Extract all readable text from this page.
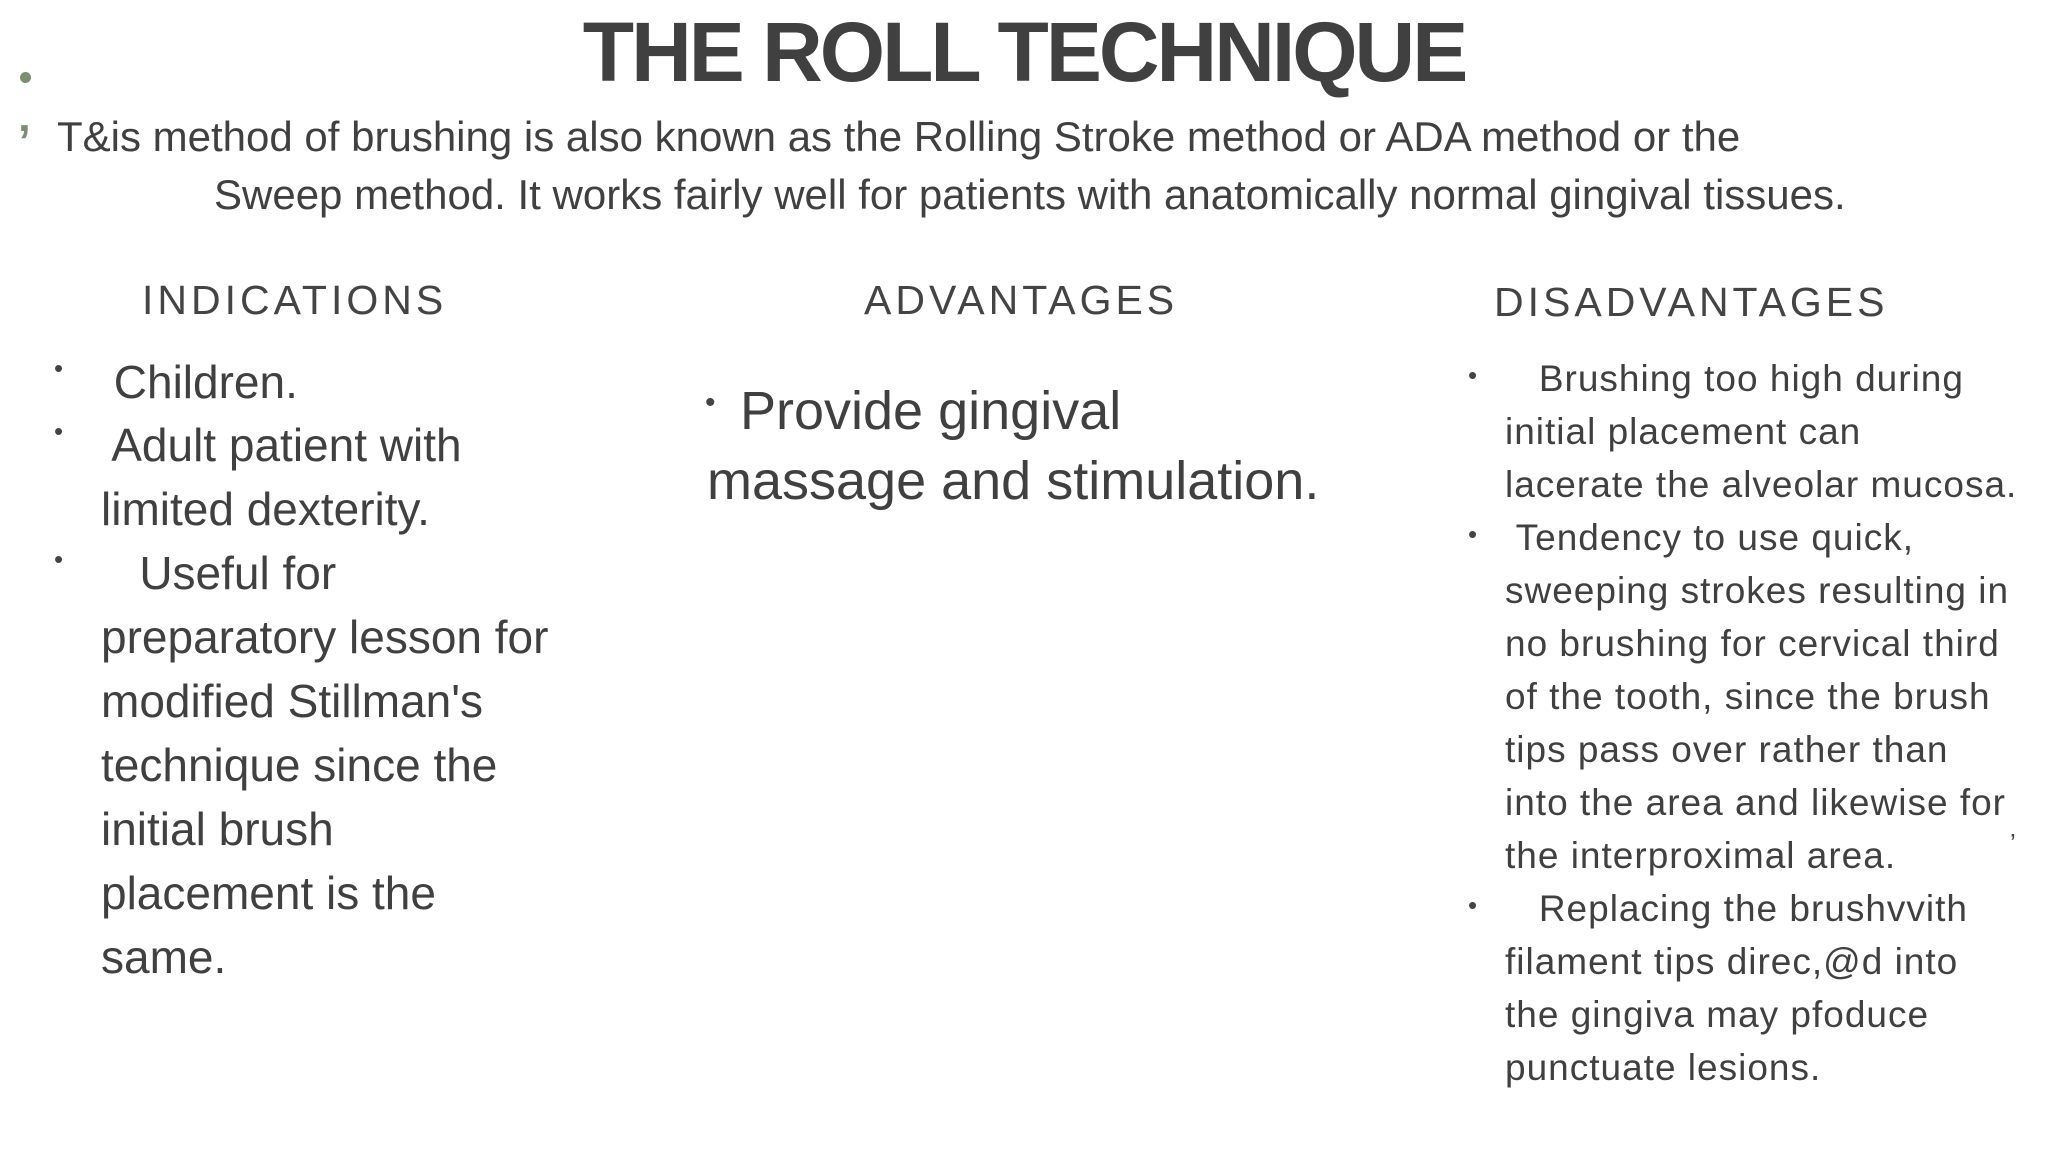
THE ROLL TECHNIQUE
’ T&is method of brushing is also known as the Rolling Stroke method or ADA method or the
Sweep method. It works fairly well for patients with anatomically normal gingival tissues.
INDICATIONS	ADVANTAGES	DISADVANTAGES
• Children.
• Adult patient with
limited dexterity.
• Useful for
preparatory lesson for
modified Stillman's
technique since the
initial brush
placement is the
same.
• Provide gingival
massage and stimulation.
• Brushing too high during
initial placement can
lacerate the alveolar mucosa.
• Tendency to use quick,
sweeping strokes resulting in
no brushing for cervical third
of the tooth, since the brush
tips pass over rather than
into the area and likewise for
the interproximal area.
• Replacing the brushvvith
filament tips direc,@d into
the gingiva may pfoduce
punctuate lesions.
’
